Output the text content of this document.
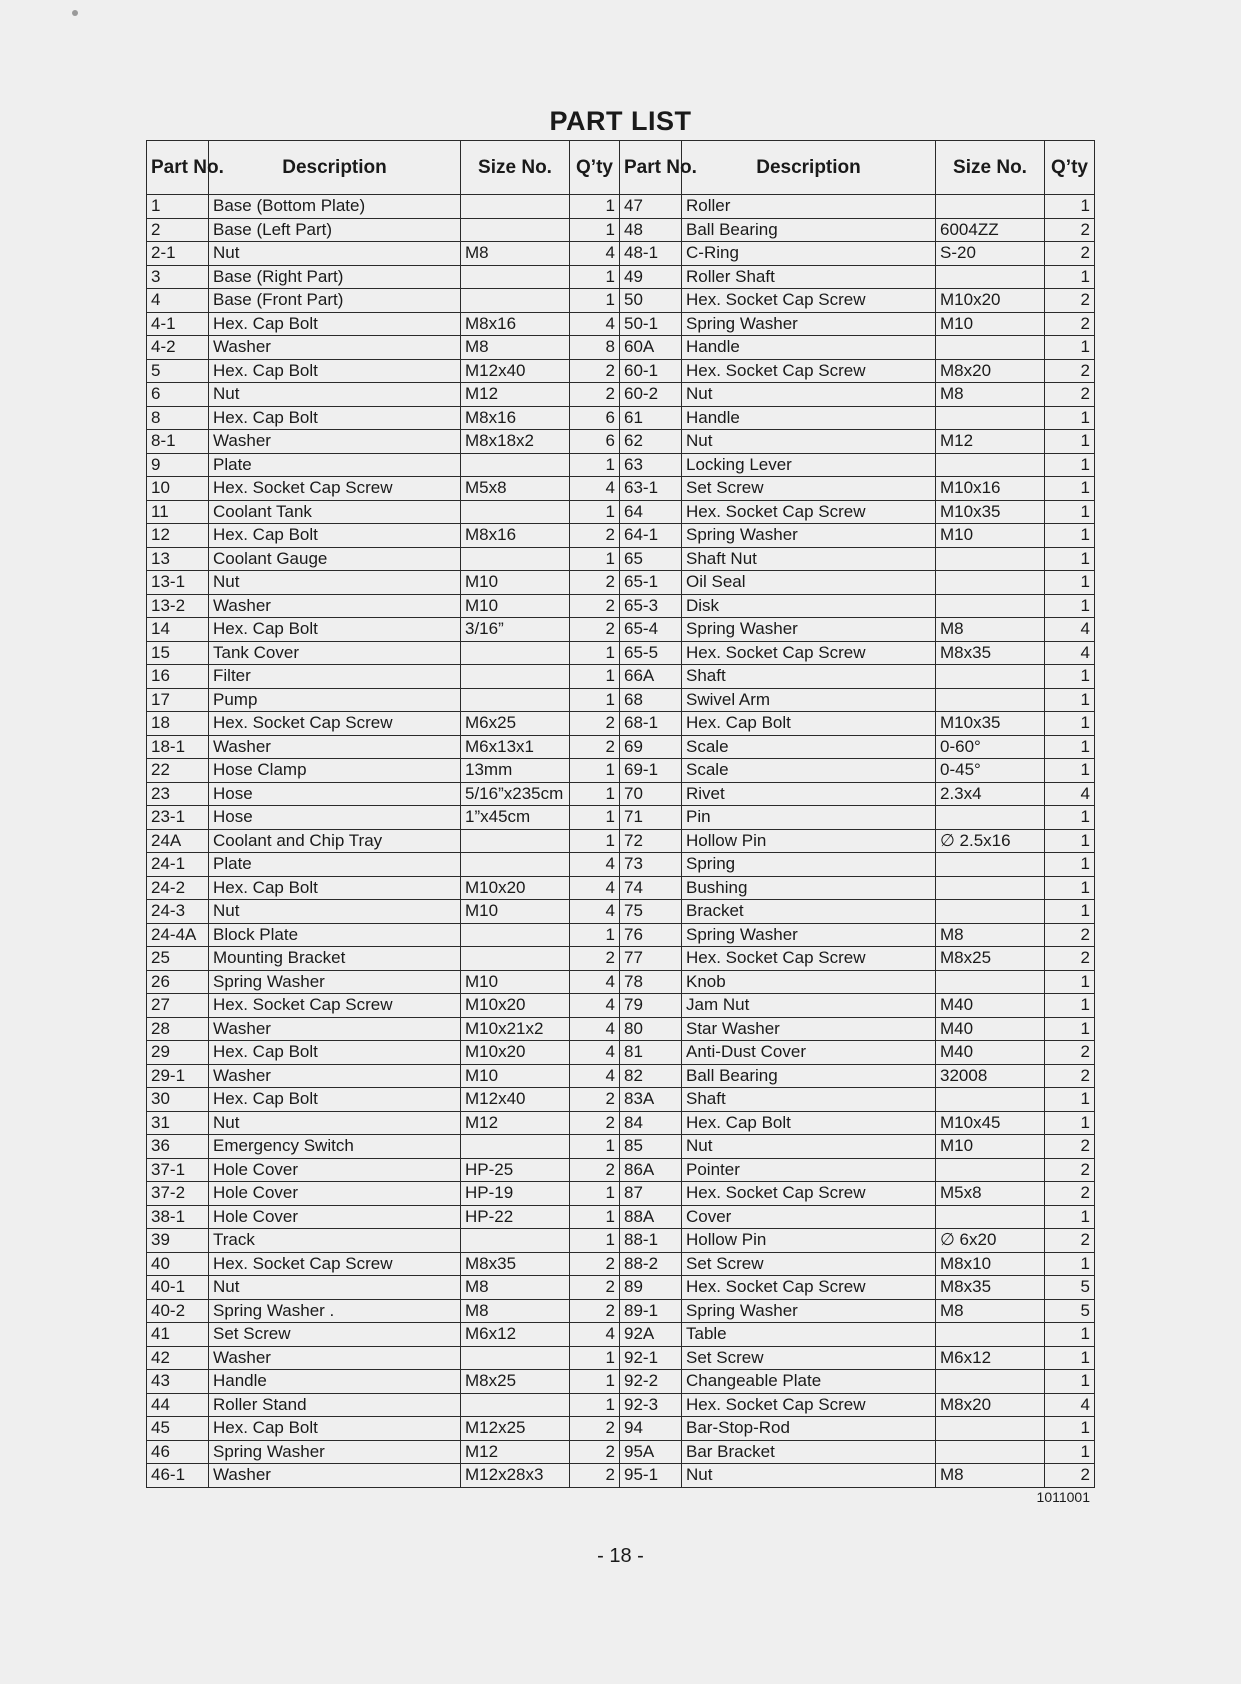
PART LIST
Part No.	Description	Size No.	Q’ty	Part No.	Description	Size No.	Q’ty
1	Base (Bottom Plate)		1	47	Roller		1
2	Base (Left Part)		1	48	Ball Bearing	6004ZZ	2
2-1	Nut	M8	4	48-1	C-Ring	S-20	2
3	Base (Right Part)		1	49	Roller Shaft		1
4	Base (Front Part)		1	50	Hex. Socket Cap Screw	M10x20	2
4-1	Hex. Cap Bolt	M8x16	4	50-1	Spring Washer	M10	2
4-2	Washer	M8	8	60A	Handle		1
5	Hex. Cap Bolt	M12x40	2	60-1	Hex. Socket Cap Screw	M8x20	2
6	Nut	M12	2	60-2	Nut	M8	2
8	Hex. Cap Bolt	M8x16	6	61	Handle		1
8-1	Washer	M8x18x2	6	62	Nut	M12	1
9	Plate		1	63	Locking Lever		1
10	Hex. Socket Cap Screw	M5x8	4	63-1	Set Screw	M10x16	1
11	Coolant Tank		1	64	Hex. Socket Cap Screw	M10x35	1
12	Hex. Cap Bolt	M8x16	2	64-1	Spring Washer	M10	1
13	Coolant Gauge		1	65	Shaft Nut		1
13-1	Nut	M10	2	65-1	Oil Seal		1
13-2	Washer	M10	2	65-3	Disk		1
14	Hex. Cap Bolt	3/16”	2	65-4	Spring Washer	M8	4
15	Tank Cover		1	65-5	Hex. Socket Cap Screw	M8x35	4
16	Filter		1	66A	Shaft		1
17	Pump		1	68	Swivel Arm		1
18	Hex. Socket Cap Screw	M6x25	2	68-1	Hex. Cap Bolt	M10x35	1
18-1	Washer	M6x13x1	2	69	Scale	0-60°	1
22	Hose Clamp	13mm	1	69-1	Scale	0-45°	1
23	Hose	5/16”x235cm	1	70	Rivet	2.3x4	4
23-1	Hose	1”x45cm	1	71	Pin		1
24A	Coolant and Chip Tray		1	72	Hollow Pin	∅ 2.5x16	1
24-1	Plate		4	73	Spring		1
24-2	Hex. Cap Bolt	M10x20	4	74	Bushing		1
24-3	Nut	M10	4	75	Bracket		1
24-4A	Block Plate		1	76	Spring Washer	M8	2
25	Mounting Bracket		2	77	Hex. Socket Cap Screw	M8x25	2
26	Spring Washer	M10	4	78	Knob		1
27	Hex. Socket Cap Screw	M10x20	4	79	Jam Nut	M40	1
28	Washer	M10x21x2	4	80	Star Washer	M40	1
29	Hex. Cap Bolt	M10x20	4	81	Anti-Dust Cover	M40	2
29-1	Washer	M10	4	82	Ball Bearing	32008	2
30	Hex. Cap Bolt	M12x40	2	83A	Shaft		1
31	Nut	M12	2	84	Hex. Cap Bolt	M10x45	1
36	Emergency Switch		1	85	Nut	M10	2
37-1	Hole Cover	HP-25	2	86A	Pointer		2
37-2	Hole Cover	HP-19	1	87	Hex. Socket Cap Screw	M5x8	2
38-1	Hole Cover	HP-22	1	88A	Cover		1
39	Track		1	88-1	Hollow Pin	∅ 6x20	2
40	Hex. Socket Cap Screw	M8x35	2	88-2	Set Screw	M8x10	1
40-1	Nut	M8	2	89	Hex. Socket Cap Screw	M8x35	5
40-2	Spring Washer .	M8	2	89-1	Spring Washer	M8	5
41	Set Screw	M6x12	4	92A	Table		1
42	Washer		1	92-1	Set Screw	M6x12	1
43	Handle	M8x25	1	92-2	Changeable Plate		1
44	Roller Stand		1	92-3	Hex. Socket Cap Screw	M8x20	4
45	Hex. Cap Bolt	M12x25	2	94	Bar-Stop-Rod		1
46	Spring Washer	M12	2	95A	Bar Bracket		1
46-1	Washer	M12x28x3	2	95-1	Nut	M8	2
1011001
- 18 -
